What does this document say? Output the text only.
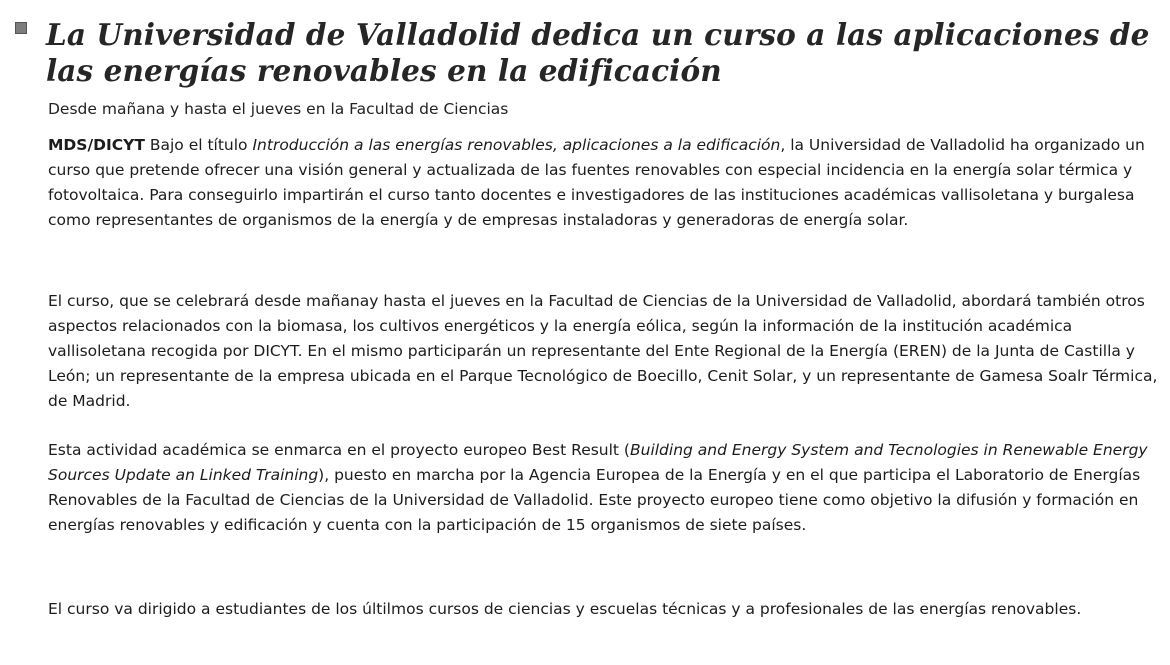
La Universidad de Valladolid dedica un curso a las aplicaciones de las energías renovables en la edificación

Desde mañana y hasta el jueves en la Facultad de Ciencias

MDS/DICYT Bajo el título Introducción a las energías renovables, aplicaciones a la edificación, la Universidad de Valladolid ha organizado un curso que pretende ofrecer una visión general y actualizada de las fuentes renovables con especial incidencia en la energía solar térmica y fotovoltaica. Para conseguirlo impartirán el curso tanto docentes e investigadores de las instituciones académicas vallisoletana y burgalesa como representantes de organismos de la energía y de empresas instaladoras y generadoras de energía solar.

El curso, que se celebrará desde mañanay hasta el jueves en la Facultad de Ciencias de la Universidad de Valladolid, abordará también otros aspectos relacionados con la biomasa, los cultivos energéticos y la energía eólica, según la información de la institución académica vallisoletana recogida por DICYT. En el mismo participarán un representante del Ente Regional de la Energía (EREN) de la Junta de Castilla y León; un representante de la empresa ubicada en el Parque Tecnológico de Boecillo, Cenit Solar, y un representante de Gamesa Soalr Térmica, de Madrid.

Esta actividad académica se enmarca en el proyecto europeo Best Result (Building and Energy System and Tecnologies in Renewable Energy Sources Update an Linked Training), puesto en marcha por la Agencia Europea de la Energía y en el que participa el Laboratorio de Energías Renovables de la Facultad de Ciencias de la Universidad de Valladolid. Este proyecto europeo tiene como objetivo la difusión y formación en energías renovables y edificación y cuenta con la participación de 15 organismos de siete países.

El curso va dirigido a estudiantes de los últilmos cursos de ciencias y escuelas técnicas y a profesionales de las energías renovables.
